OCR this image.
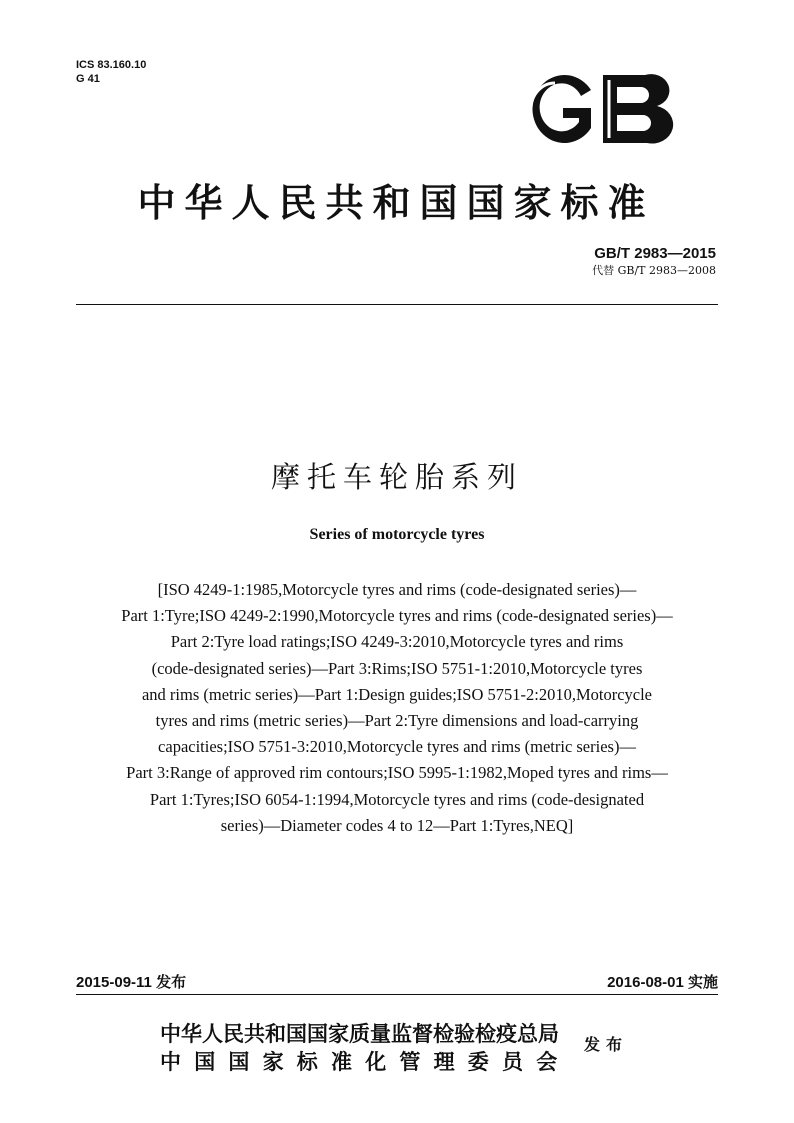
ICS 83.160.10
G 41
中华人民共和国国家标准
GB/T 2983—2015
代替 GB/T 2983—2008
摩托车轮胎系列
Series of motorcycle tyres
[ISO 4249-1:1985,Motorcycle tyres and rims (code-designated series)—
Part 1:Tyre;ISO 4249-2:1990,Motorcycle tyres and rims (code-designated series)—
Part 2:Tyre load ratings;ISO 4249-3:2010,Motorcycle tyres and rims
(code-designated series)—Part 3:Rims;ISO 5751-1:2010,Motorcycle tyres
and rims (metric series)—Part 1:Design guides;ISO 5751-2:2010,Motorcycle
tyres and rims (metric series)—Part 2:Tyre dimensions and load-carrying
capacities;ISO 5751-3:2010,Motorcycle tyres and rims (metric series)—
Part 3:Range of approved rim contours;ISO 5995-1:1982,Moped tyres and rims—
Part 1:Tyres;ISO 6054-1:1994,Motorcycle tyres and rims (code-designated
series)—Diameter codes 4 to 12—Part 1:Tyres,NEQ]
2015-09-11 发布	2016-08-01 实施
中华人民共和国国家质量监督检验检疫总局
中国国家标准化管理委员会
发布
